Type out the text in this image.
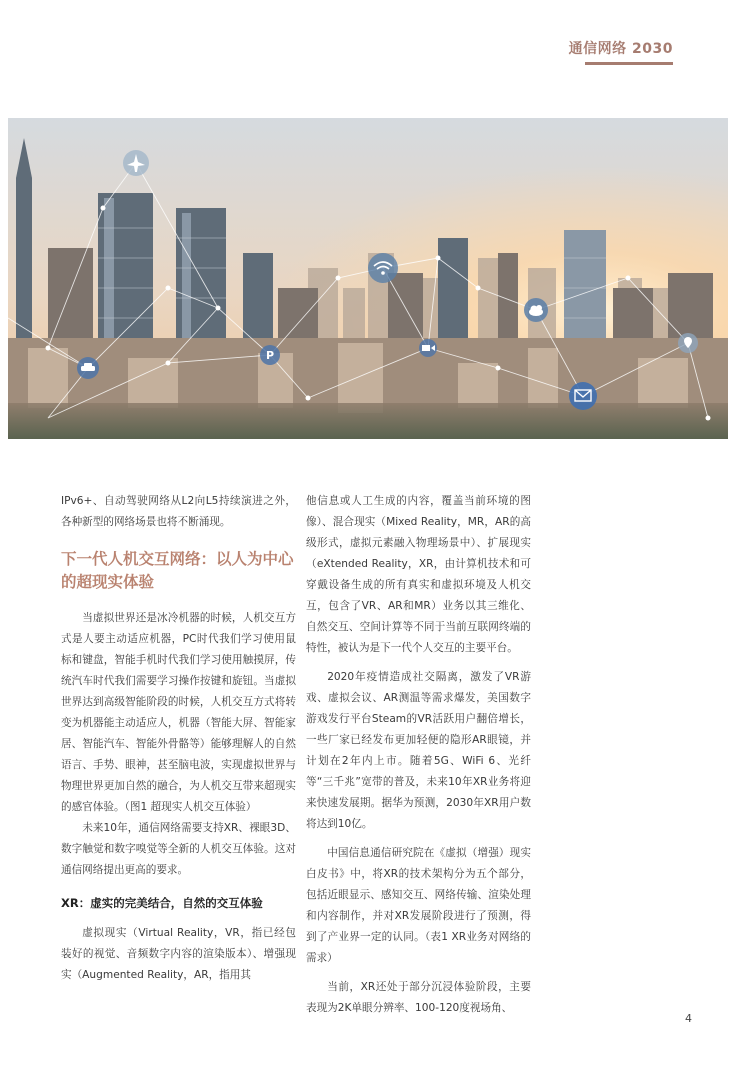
通信网络 2030
P

IPv6+、自动驾驶网络从L2向L5持续演进之外，各种新型的网络场景也将不断涌现。

下一代人机交互网络：以人为中心的超现实体验

当虚拟世界还是冰冷机器的时候，人机交互方式是人要主动适应机器，PC时代我们学习使用鼠标和键盘，智能手机时代我们学习使用触摸屏，传统汽车时代我们需要学习操作按键和旋钮。当虚拟世界达到高级智能阶段的时候，人机交互方式将转变为机器能主动适应人，机器（智能大屏、智能家居、智能汽车、智能外骨骼等）能够理解人的自然语言、手势、眼神，甚至脑电波，实现虚拟世界与物理世界更加自然的融合，为人机交互带来超现实的感官体验。（图1 超现实人机交互体验）

未来10年，通信网络需要支持XR、裸眼3D、数字触觉和数字嗅觉等全新的人机交互体验。这对通信网络提出更高的要求。

XR：虚实的完美结合，自然的交互体验

虚拟现实（Virtual Reality，VR，指已经包装好的视觉、音频数字内容的渲染版本）、增强现实（Augmented Reality，AR，指用其

他信息或人工生成的内容，覆盖当前环境的图像）、混合现实（Mixed Reality，MR，AR的高级形式，虚拟元素融入物理场景中）、扩展现实（eXtended Reality，XR，由计算机技术和可穿戴设备生成的所有真实和虚拟环境及人机交互，包含了VR、AR和MR）业务以其三维化、自然交互、空间计算等不同于当前互联网终端的特性，被认为是下一代个人交互的主要平台。

2020年疫情造成社交隔离，激发了VR游戏、虚拟会议、AR测温等需求爆发，美国数字游戏发行平台Steam的VR活跃用户翻倍增长，一些厂家已经发布更加轻便的隐形AR眼镜，并计划在2年内上市。随着5G、WiFi 6、光纤等“三千兆”宽带的普及，未来10年XR业务将迎来快速发展期。据华为预测，2030年XR用户数将达到10亿。

中国信息通信研究院在《虚拟（增强）现实白皮书》中，将XR的技术架构分为五个部分，包括近眼显示、感知交互、网络传输、渲染处理和内容制作，并对XR发展阶段进行了预测，得到了产业界一定的认同。（表1 XR业务对网络的需求）

当前，XR还处于部分沉浸体验阶段，主要表现为2K单眼分辨率、100-120度视场角、

4
